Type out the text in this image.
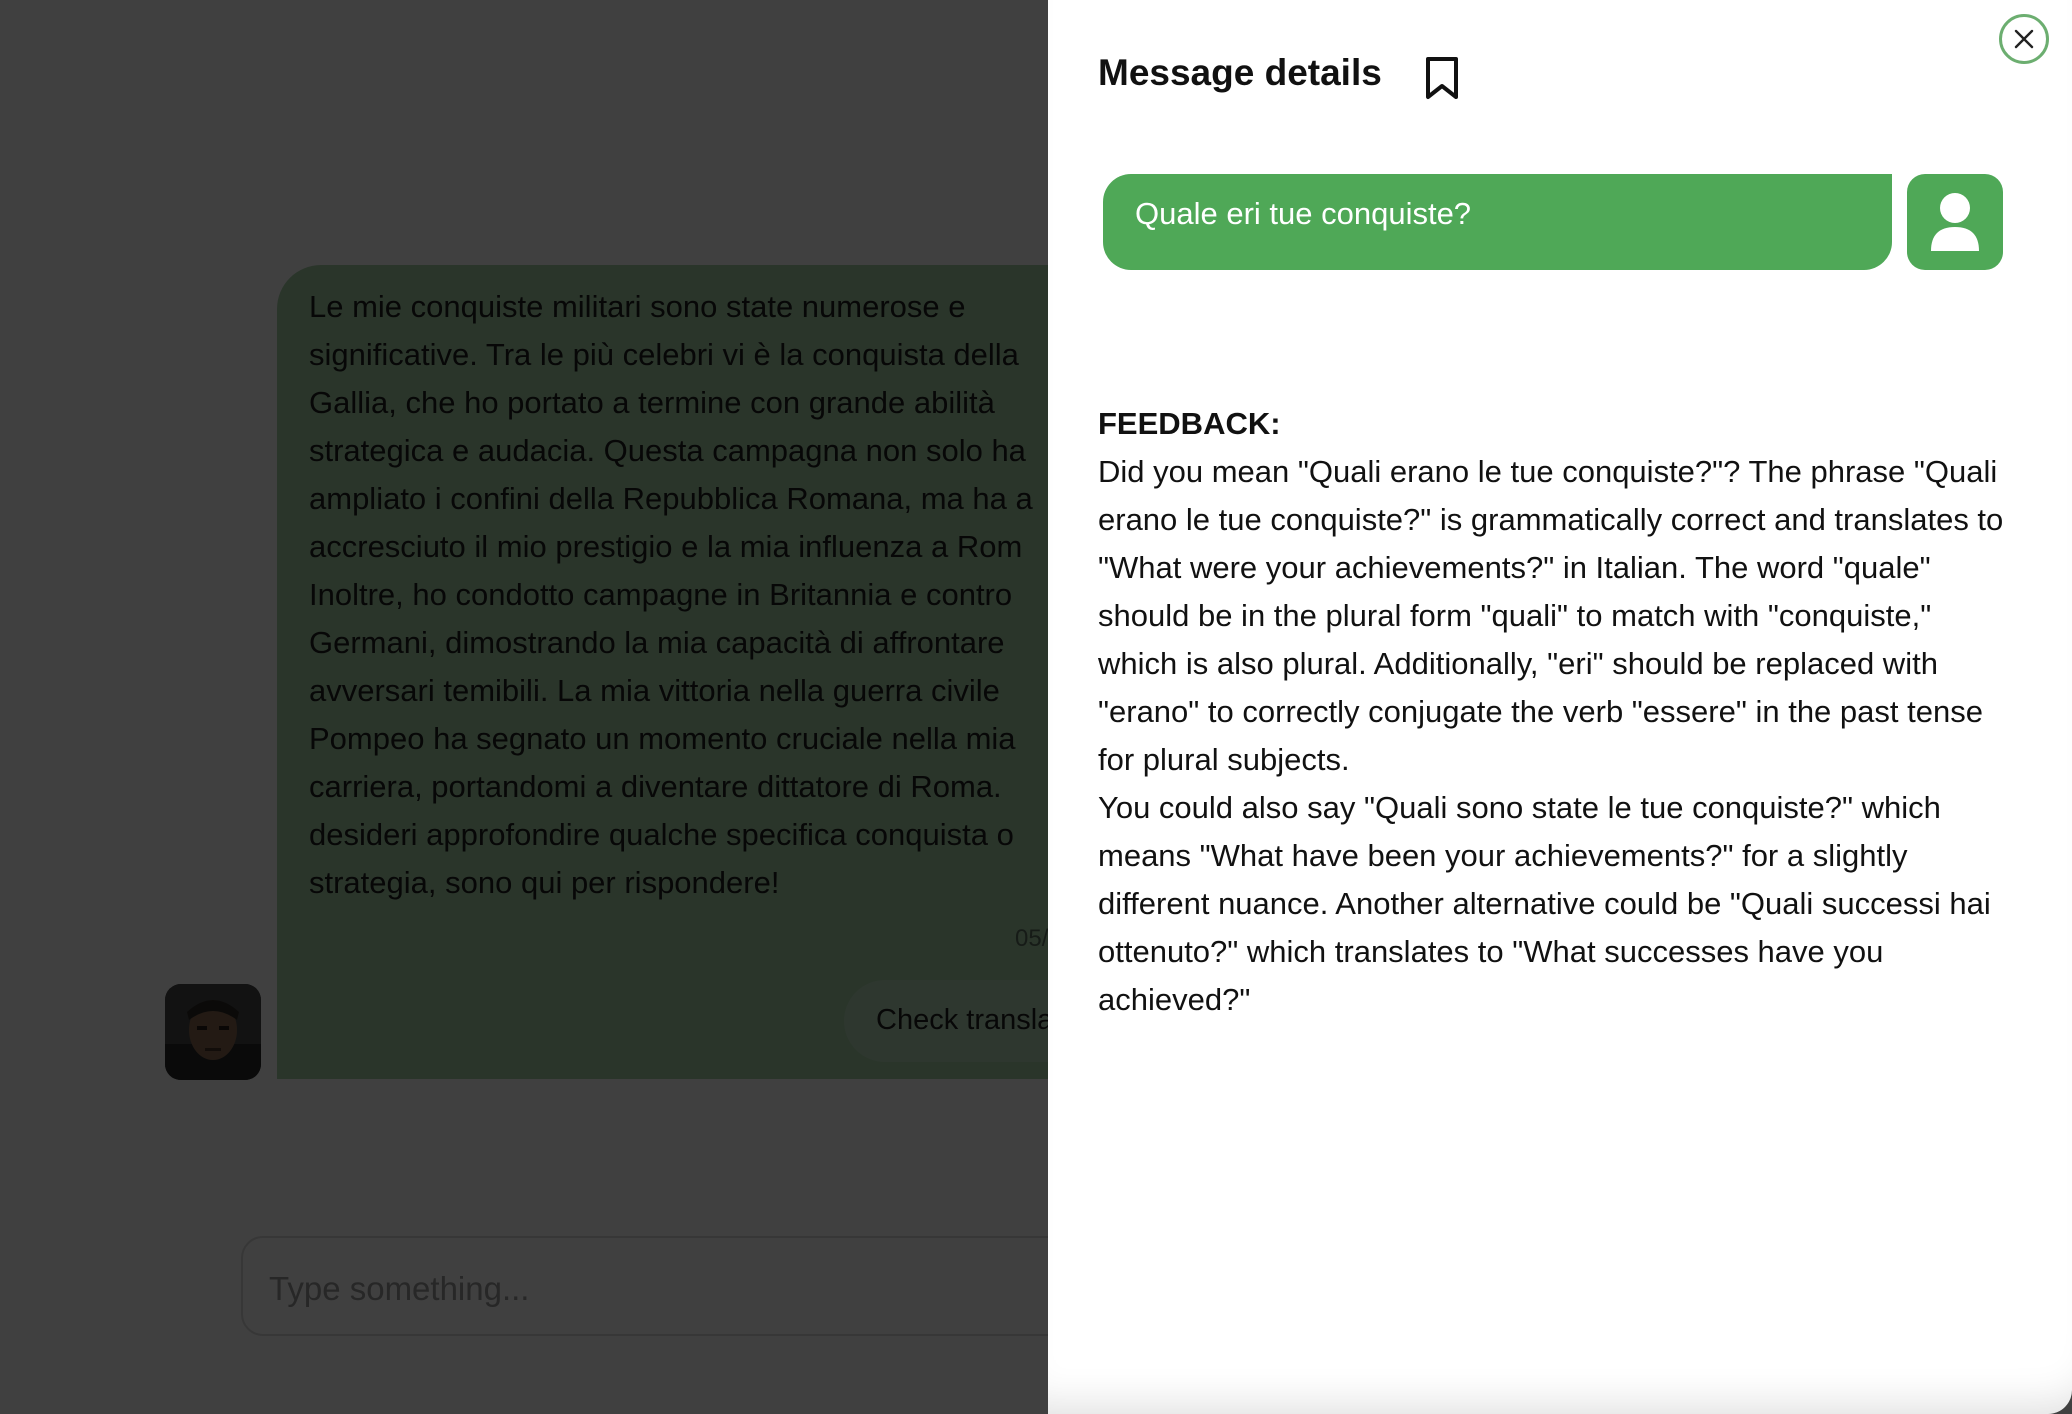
Message details
Quale eri tue conquiste?
FEEDBACK:
Did you mean "Quali erano le tue conquiste?"? The phrase "Quali erano le tue conquiste?" is grammatically correct and translates to "What were your achievements?" in Italian. The word "quale" should be in the plural form "quali" to match with "conquiste," which is also plural. Additionally, "eri" should be replaced with "erano" to correctly conjugate the verb "essere" in the past tense for plural subjects.
You could also say "Quali sono state le tue conquiste?" which means "What have been your achievements?" for a slightly different nuance. Another alternative could be "Quali successi hai ottenuto?" which translates to "What successes have you achieved?"
